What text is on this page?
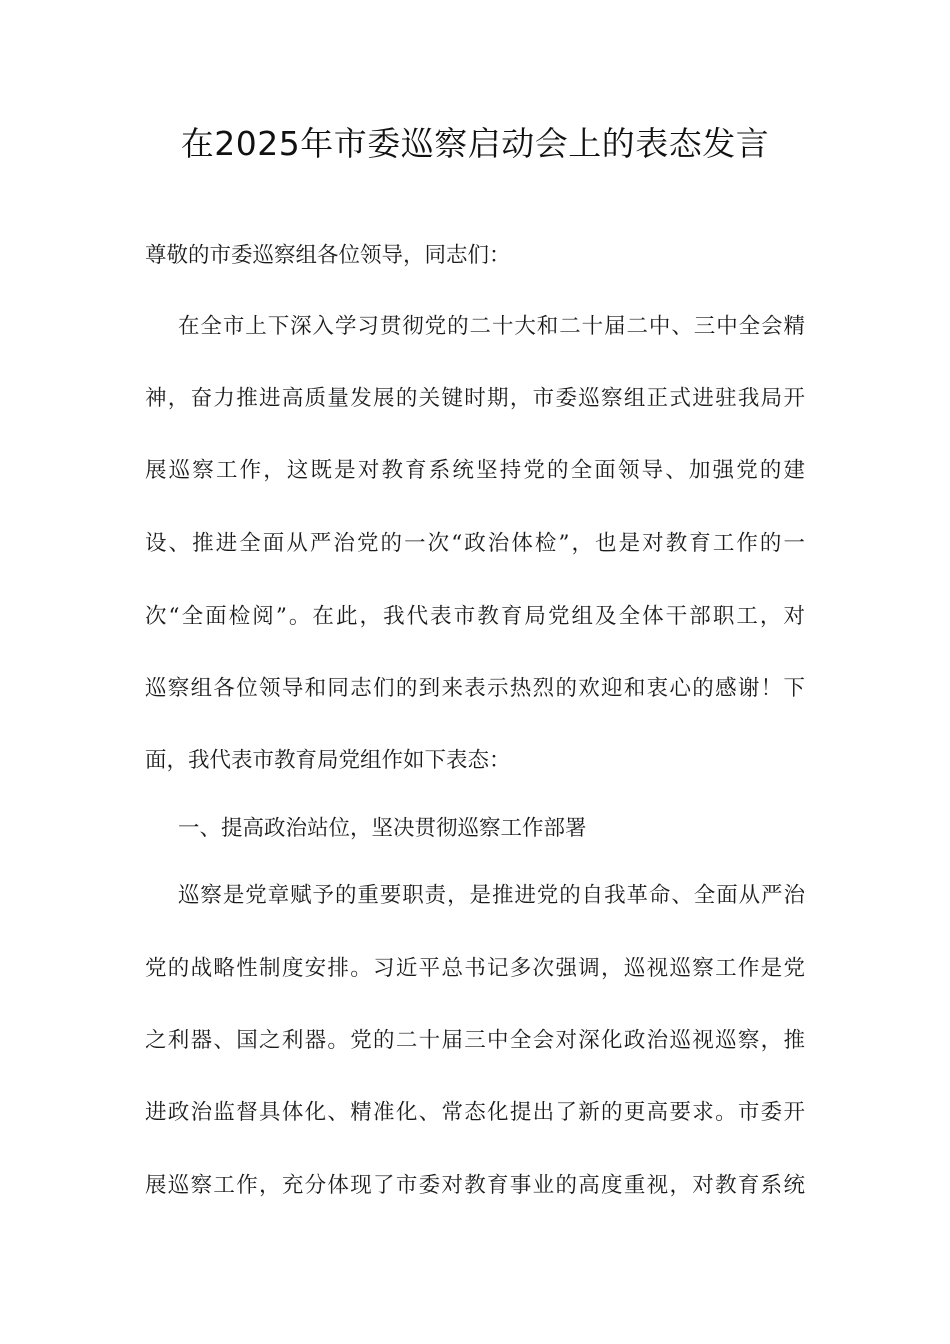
在2025年市委巡察启动会上的表态发言

尊敬的市委巡察组各位领导，同志们：

在全市上下深入学习贯彻党的二十大和二十届二中、三中全会精

神，奋力推进高质量发展的关键时期，市委巡察组正式进驻我局开

展巡察工作，这既是对教育系统坚持党的全面领导、加强党的建

设、推进全面从严治党的一次“政治体检”，也是对教育工作的一

次“全面检阅”。在此，我代表市教育局党组及全体干部职工，对

巡察组各位领导和同志们的到来表示热烈的欢迎和衷心的感谢！下

面，我代表市教育局党组作如下表态：

一、提高政治站位，坚决贯彻巡察工作部署

巡察是党章赋予的重要职责，是推进党的自我革命、全面从严治

党的战略性制度安排。习近平总书记多次强调，巡视巡察工作是党

之利器、国之利器。党的二十届三中全会对深化政治巡视巡察，推

进政治监督具体化、精准化、常态化提出了新的更高要求。市委开

展巡察工作，充分体现了市委对教育事业的高度重视，对教育系统
